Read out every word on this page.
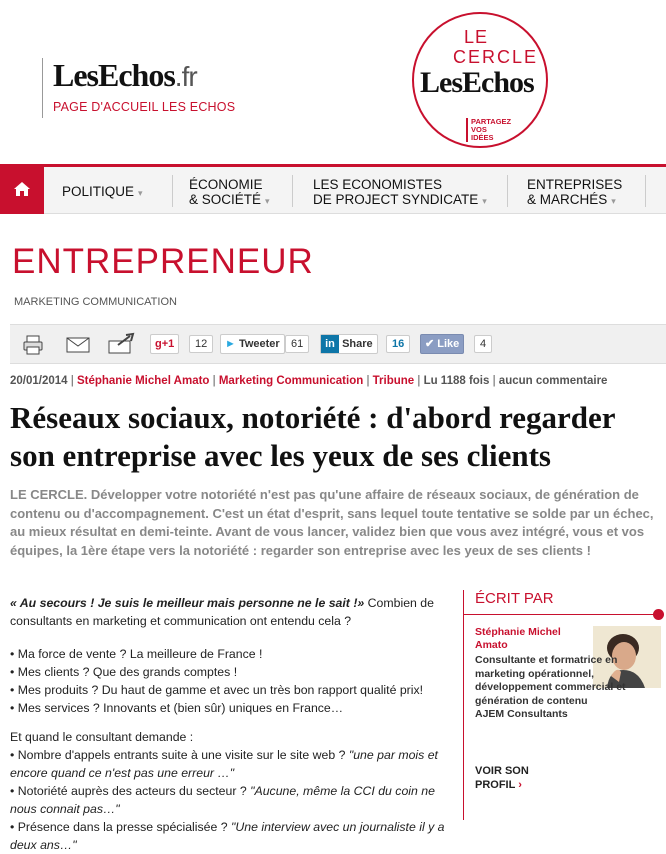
LesEchos.fr
PAGE D'ACCUEIL LES ECHOS
LE
CERCLE
LesEchos
PARTAGEZ
VOS
IDÉES
POLITIQUE ▾
ÉCONOMIE
& SOCIÉTÉ ▾
LES ECONOMISTES
DE PROJECT SYNDICATE ▾
ENTREPRISES
& MARCHÉS ▾
ENTREPRENEUR
MARKETING COMMUNICATION
g+1	12	► Tweeter	61	in Share	16	✔ Like	4
20/01/2014 | Stéphanie Michel Amato | Marketing Communication | Tribune | Lu 1188 fois | aucun commentaire
Réseaux sociaux, notoriété : d'abord regarder son entreprise avec les yeux de ses clients

LE CERCLE. Développer votre notoriété n'est pas qu'une affaire de réseaux sociaux, de génération de contenu ou d'accompagnement. C'est un état d'esprit, sans lequel toute tentative se solde par un échec, au mieux résultat en demi-teinte. Avant de vous lancer, validez bien que vous avez intégré, vous et vos équipes, la 1ère étape vers la notoriété : regarder son entreprise avec les yeux de ses clients !

« Au secours ! Je suis le meilleur mais personne ne le sait !» Combien de consultants en marketing et communication ont entendu cela ?

• Ma force de vente ? La meilleure de France !
• Mes clients ? Que des grands comptes !
• Mes produits ? Du haut de gamme et avec un très bon rapport qualité prix!
• Mes services ? Innovants et (bien sûr) uniques en France…
Et quand le consultant demande :
• Nombre d'appels entrants suite à une visite sur le site web ? "une par mois et encore quand ce n'est pas une erreur …"
• Notoriété auprès des acteurs du secteur ? "Aucune, même la CCI du coin ne nous connait pas…"
• Présence dans la presse spécialisée ? "Une interview avec un journaliste il y a deux ans…"
ÉCRIT PAR
Stéphanie Michel Amato
Consultante et formatrice en marketing opérationnel, développement commercial et génération de contenu
AJEM Consultants
VOIR SON
PROFIL ›
